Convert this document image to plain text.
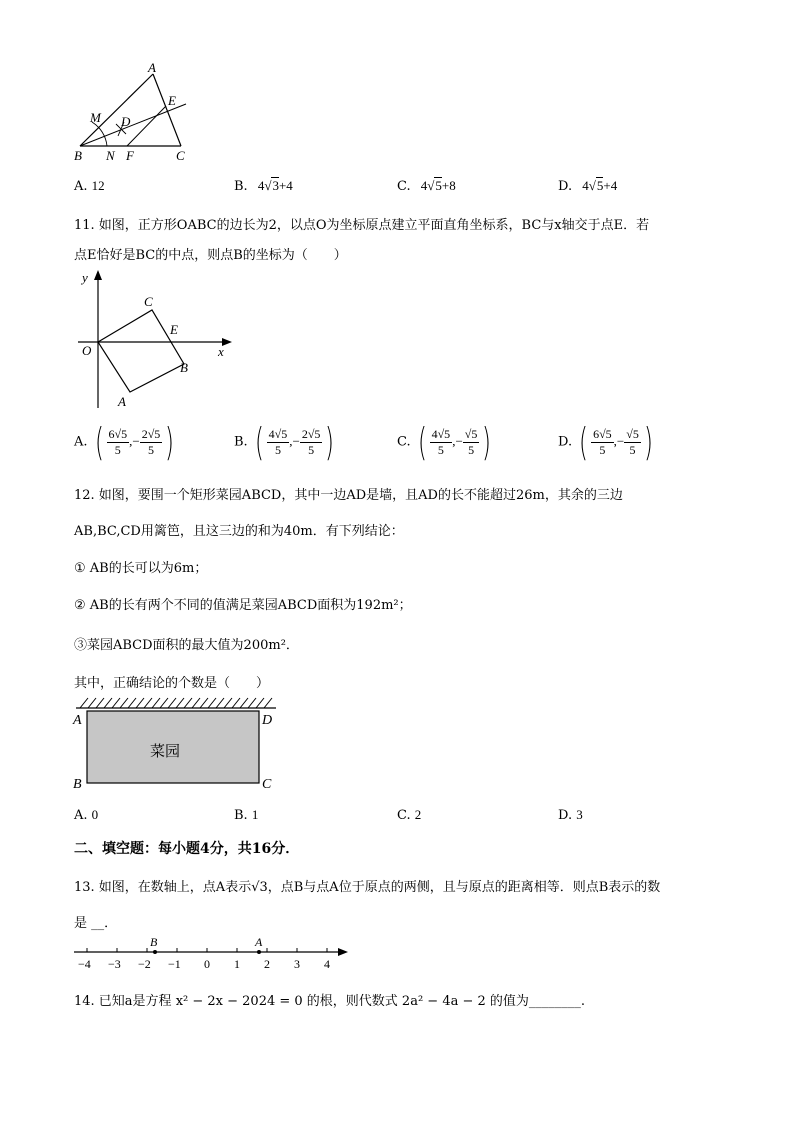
A
E
M D
B N F	C
A. 12	B. 4√3+4	C. 4√5+8	D. 4√5+4
11. 如图，正方形OABC的边长为2，以点O为坐标原点建立平面直角坐标系，BC与x轴交于点E．若
点E恰好是BC的中点，则点B的坐标为（　　）
y
C
E
O	x
B
A
A. ( $\frac{6√5}{5}$ ,− $\frac{2√5}{5}$ )	B. ( $\frac{4√5}{5}$ ,− $\frac{2√5}{5}$ )	C. ( $\frac{4√5}{5}$ ,− $\frac{√5}{5}$ )	D. ( $\frac{6√5}{5}$ ,− $\frac{√5}{5}$ )
12. 如图，要围一个矩形菜园ABCD，其中一边AD是墙，且AD的长不能超过26m，其余的三边
AB,BC,CD用篱笆，且这三边的和为40m．有下列结论：
① AB的长可以为6m；
② AB的长有两个不同的值满足菜园ABCD面积为192m²；
③菜园ABCD面积的最大值为200m²．
其中，正确结论的个数是（　　）
A	D
B	C
菜园
A. 0	B. 1	C. 2	D. 3
二、填空题：每小题4分，共16分．
13. 如图，在数轴上，点A表示√3，点B与点A位于原点的两侧，且与原点的距离相等．则点B表示的数
是 __．
B	A
−4 −3 −2 −1 0 1 2 3 4
14. 已知a是方程 x² − 2x − 2024 = 0 的根，则代数式 2a² − 4a − 2 的值为________.
